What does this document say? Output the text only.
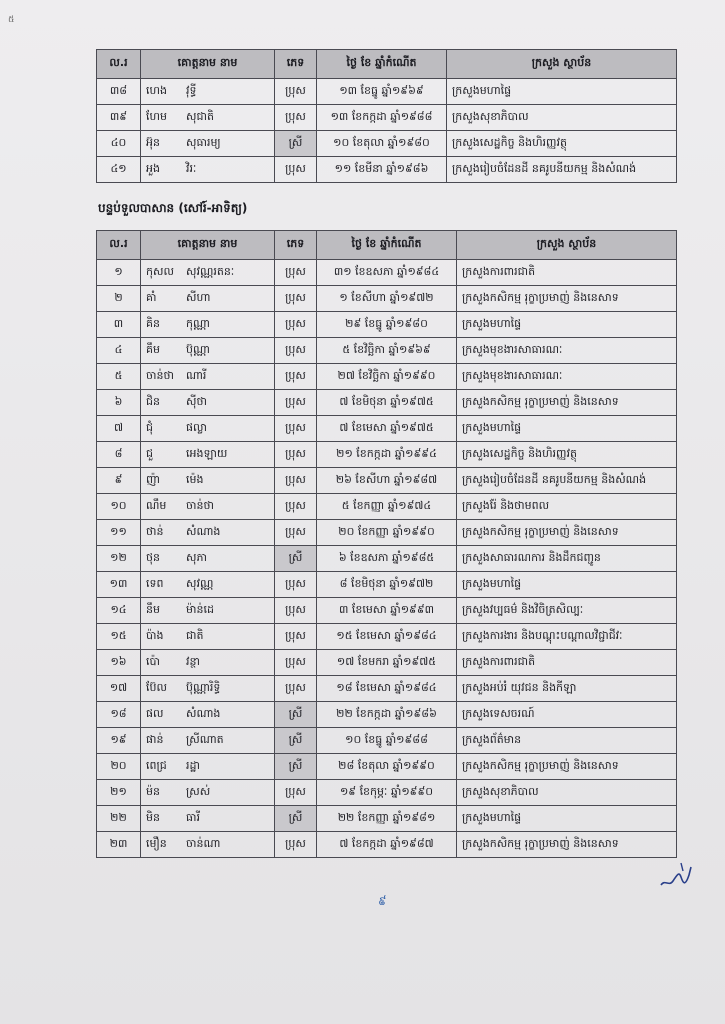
៥
ល.រ	គោត្តនាម នាម	ភេទ	ថ្ងៃ ខែ ឆ្នាំកំណើត	ក្រសួង ស្ថាប័ន
៣៨	ហេង វុទ្ធី	ប្រុស	១៣ ខែធ្នូ ឆ្នាំ១៩៦៩	ក្រសួងមហាផ្ទៃ
៣៩	ហែម សុជាតិ	ប្រុស	១៣ ខែកក្កដា ឆ្នាំ១៩៨៨	ក្រសួងសុខាភិបាល
៤០	អ៊ុន សុធារម្យ	ស្រី	១០ ខែតុលា ឆ្នាំ១៩៨០	ក្រសួងសេដ្ឋកិច្ច និងហិរញ្ញវត្ថុ
៤១	អួង វិរៈ	ប្រុស	១១ ខែមីនា ឆ្នាំ១៩៨៦	ក្រសួងរៀបចំដែនដី នគរូបនីយកម្ម និងសំណង់
បន្ទប់ទួលបាសាន (សៅរ៍-អាទិត្យ)
ល.រ	គោត្តនាម នាម	ភេទ	ថ្ងៃ ខែ ឆ្នាំកំណើត	ក្រសួង ស្ថាប័ន
១	កុសល សុវណ្ណរតនៈ	ប្រុស	៣១ ខែឧសភា ឆ្នាំ១៩៨៤	ក្រសួងការពារជាតិ
២	គាំ សីហា	ប្រុស	១ ខែសីហា ឆ្នាំ១៩៧២	ក្រសួងកសិកម្ម រុក្ខាប្រមាញ់ និងនេសាទ
៣	គិន កុណ្ណា	ប្រុស	២៩ ខែធ្នូ ឆ្នាំ១៩៨០	ក្រសួងមហាផ្ទៃ
៤	គឹម ប៊ុណ្ណា	ប្រុស	៥ ខែវិច្ឆិកា ឆ្នាំ១៩៦៩	ក្រសួងមុខងារសាធារណៈ
៥	ចាន់ថា ណារី	ប្រុស	២៧ ខែវិច្ឆិកា ឆ្នាំ១៩៩០	ក្រសួងមុខងារសាធារណៈ
៦	ជិន ស៊ីថា	ប្រុស	៧ ខែមិថុនា ឆ្នាំ១៩៧៥	ក្រសួងកសិកម្ម រុក្ខាប្រមាញ់ និងនេសាទ
៧	ជុំ ផល្លា	ប្រុស	៧ ខែមេសា ឆ្នាំ១៩៧៥	ក្រសួងមហាផ្ទៃ
៨	ជួ អេងឡាយ	ប្រុស	២១ ខែកក្កដា ឆ្នាំ១៩៩៤	ក្រសួងសេដ្ឋកិច្ច និងហិរញ្ញវត្ថុ
៩	ញ៉ា ម៉េង	ប្រុស	២៦ ខែសីហា ឆ្នាំ១៩៨៧	ក្រសួងរៀបចំដែនដី នគរូបនីយកម្ម និងសំណង់
១០	ណឹម ចាន់ថា	ប្រុស	៥ ខែកញ្ញា ឆ្នាំ១៩៧៤	ក្រសួងរ៉ែ និងថាមពល
១១	ថាន់ សំណាង	ប្រុស	២០ ខែកញ្ញា ឆ្នាំ១៩៩០	ក្រសួងកសិកម្ម រុក្ខាប្រមាញ់ និងនេសាទ
១២	ថុន សុភា	ស្រី	៦ ខែឧសភា ឆ្នាំ១៩៨៥	ក្រសួងសាធារណការ និងដឹកជញ្ជូន
១៣	ទេព សុវណ្ណ	ប្រុស	៨ ខែមិថុនា ឆ្នាំ១៩៧២	ក្រសួងមហាផ្ទៃ
១៤	នឹម ម៉ាន់ដេ	ប្រុស	៣ ខែមេសា ឆ្នាំ១៩៩៣	ក្រសួងវប្បធម៌ និងវិចិត្រសិល្បៈ
១៥	ប៉ាង ជាតិ	ប្រុស	១៥ ខែមេសា ឆ្នាំ១៩៨៤	ក្រសួងការងារ និងបណ្តុះបណ្តាលវិជ្ជាជីវៈ
១៦	ប៉ោ វន្ថា	ប្រុស	១៧ ខែមករា ឆ្នាំ១៩៧៥	ក្រសួងការពារជាតិ
១៧	ប៊ែល ប៊ុណ្ណារិទ្ធិ	ប្រុស	១៨ ខែមេសា ឆ្នាំ១៩៨៤	ក្រសួងអប់រំ យុវជន និងកីឡា
១៨	ផល សំណាង	ស្រី	២២ ខែកក្កដា ឆ្នាំ១៩៨៦	ក្រសួងទេសចរណ៍
១៩	ផាន់ ស្រីណាត	ស្រី	១០ ខែធ្នូ ឆ្នាំ១៩៨៨	ក្រសួងព័ត៌មាន
២០	ពេជ្រ រដ្ឋា	ស្រី	២៨ ខែតុលា ឆ្នាំ១៩៩០	ក្រសួងកសិកម្ម រុក្ខាប្រមាញ់ និងនេសាទ
២១	ម៉ន ស្រស់	ប្រុស	១៩ ខែកុម្ភៈ ឆ្នាំ១៩៩០	ក្រសួងសុខាភិបាល
២២	មិន ធារី	ស្រី	២២ ខែកញ្ញា ឆ្នាំ១៩៨១	ក្រសួងមហាផ្ទៃ
២៣	មឿន ចាន់ណា	ប្រុស	៧ ខែកក្កដា ឆ្នាំ១៩៨៧	ក្រសួងកសិកម្ម រុក្ខាប្រមាញ់ និងនេសាទ
៩
